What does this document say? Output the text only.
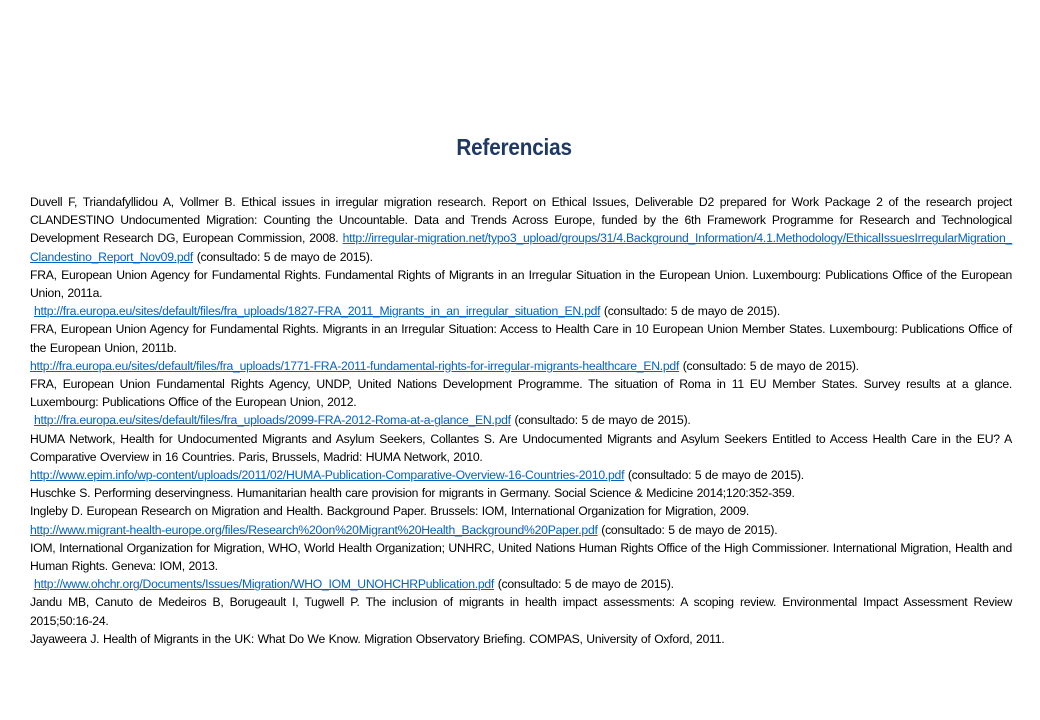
Referencias

Duvell F, Triandafyllidou A, Vollmer B. Ethical issues in irregular migration research. Report on Ethical Issues, Deliverable D2 prepared for Work Package 2 of the research project CLANDESTINO Undocumented Migration: Counting the Uncountable. Data and Trends Across Europe, funded by the 6th Framework Programme for Research and Technological Development Research DG, European Commission, 2008. http://irregular-migration.net/typo3_upload/groups/31/4.Background_Information/4.1.Methodology/EthicalIssuesIrregularMigration_Clandestino_Report_Nov09.pdf (consultado: 5 de mayo de 2015).

FRA, European Union Agency for Fundamental Rights. Fundamental Rights of Migrants in an Irregular Situation in the European Union. Luxembourg: Publications Office of the European Union, 2011a.
http://fra.europa.eu/sites/default/files/fra_uploads/1827-FRA_2011_Migrants_in_an_irregular_situation_EN.pdf (consultado: 5 de mayo de 2015).

FRA, European Union Agency for Fundamental Rights. Migrants in an Irregular Situation: Access to Health Care in 10 European Union Member States. Luxembourg: Publications Office of the European Union, 2011b.
http://fra.europa.eu/sites/default/files/fra_uploads/1771-FRA-2011-fundamental-rights-for-irregular-migrants-healthcare_EN.pdf (consultado: 5 de mayo de 2015).

FRA, European Union Fundamental Rights Agency, UNDP, United Nations Development Programme. The situation of Roma in 11 EU Member States. Survey results at a glance. Luxembourg: Publications Office of the European Union, 2012.
http://fra.europa.eu/sites/default/files/fra_uploads/2099-FRA-2012-Roma-at-a-glance_EN.pdf (consultado: 5 de mayo de 2015).

HUMA Network, Health for Undocumented Migrants and Asylum Seekers, Collantes S. Are Undocumented Migrants and Asylum Seekers Entitled to Access Health Care in the EU? A Comparative Overview in 16 Countries. Paris, Brussels, Madrid: HUMA Network, 2010.
http://www.epim.info/wp-content/uploads/2011/02/HUMA-Publication-Comparative-Overview-16-Countries-2010.pdf (consultado: 5 de mayo de 2015).

Huschke S. Performing deservingness. Humanitarian health care provision for migrants in Germany. Social Science & Medicine 2014;120:352-359.

Ingleby D. European Research on Migration and Health. Background Paper. Brussels: IOM, International Organization for Migration, 2009.
http://www.migrant-health-europe.org/files/Research%20on%20Migrant%20Health_Background%20Paper.pdf (consultado: 5 de mayo de 2015).

IOM, International Organization for Migration, WHO, World Health Organization; UNHRC, United Nations Human Rights Office of the High Commissioner. International Migration, Health and Human Rights. Geneva: IOM, 2013.
http://www.ohchr.org/Documents/Issues/Migration/WHO_IOM_UNOHCHRPublication.pdf (consultado: 5 de mayo de 2015).

Jandu MB, Canuto de Medeiros B, Borugeault I, Tugwell P. The inclusion of migrants in health impact assessments: A scoping review. Environmental Impact Assessment Review 2015;50:16-24.

Jayaweera J. Health of Migrants in the UK: What Do We Know. Migration Observatory Briefing. COMPAS, University of Oxford, 2011.
